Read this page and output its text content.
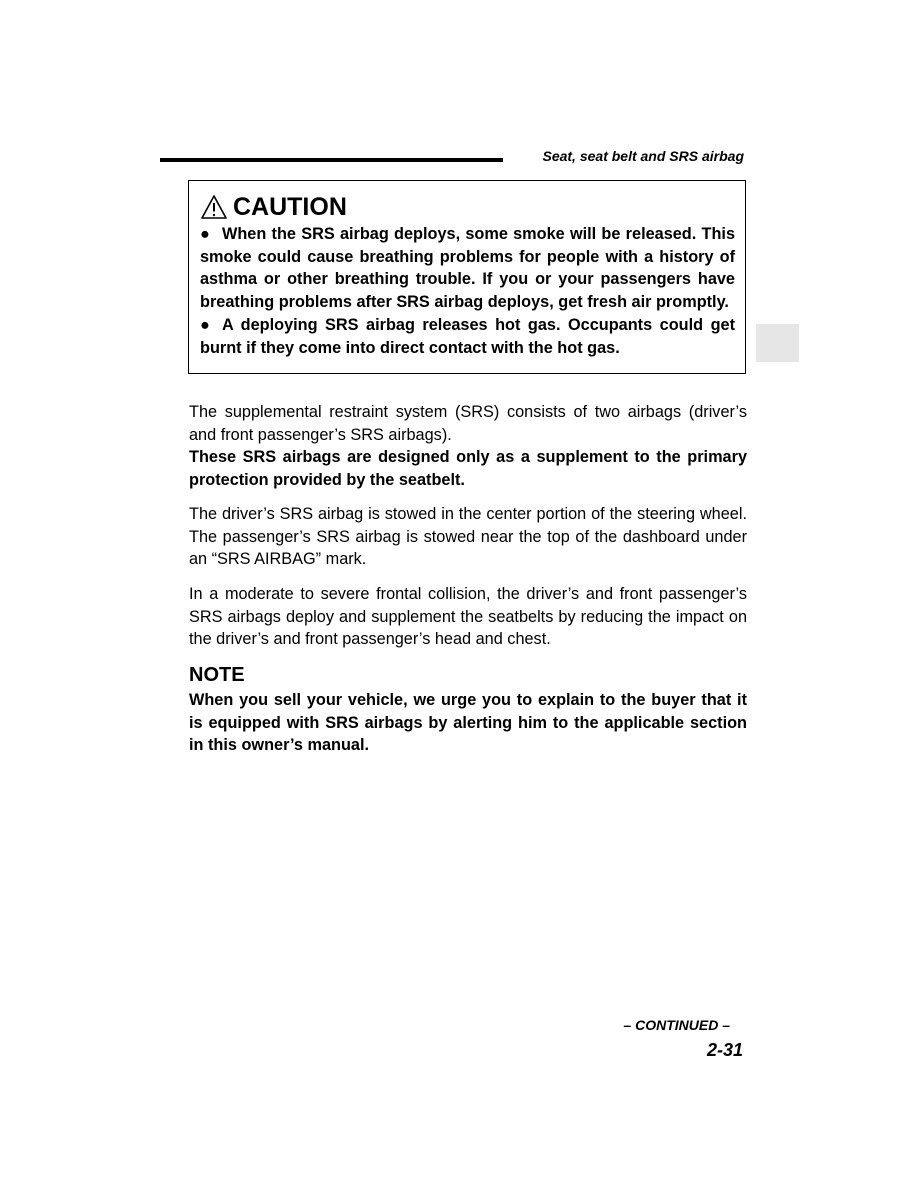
Seat, seat belt and SRS airbag
CAUTION

● When the SRS airbag deploys, some smoke will be released. This smoke could cause breathing problems for people with a history of asthma or other breathing trouble. If you or your passengers have breathing problems after SRS airbag deploys, get fresh air promptly.

● A deploying SRS airbag releases hot gas. Occupants could get burnt if they come into direct contact with the hot gas.

The supplemental restraint system (SRS) consists of two airbags (driver’s and front passenger’s SRS airbags).

These SRS airbags are designed only as a supplement to the primary protection provided by the seatbelt.

The driver’s SRS airbag is stowed in the center portion of the steering wheel. The passenger’s SRS airbag is stowed near the top of the dashboard under an “SRS AIRBAG” mark.

In a moderate to severe frontal collision, the driver’s and front passenger’s SRS airbags deploy and supplement the seatbelts by reducing the impact on the driver’s and front passenger’s head and chest.

NOTE

When you sell your vehicle, we urge you to explain to the buyer that it is equipped with SRS airbags by alerting him to the applicable section in this owner’s manual.

– CONTINUED –
2-31
